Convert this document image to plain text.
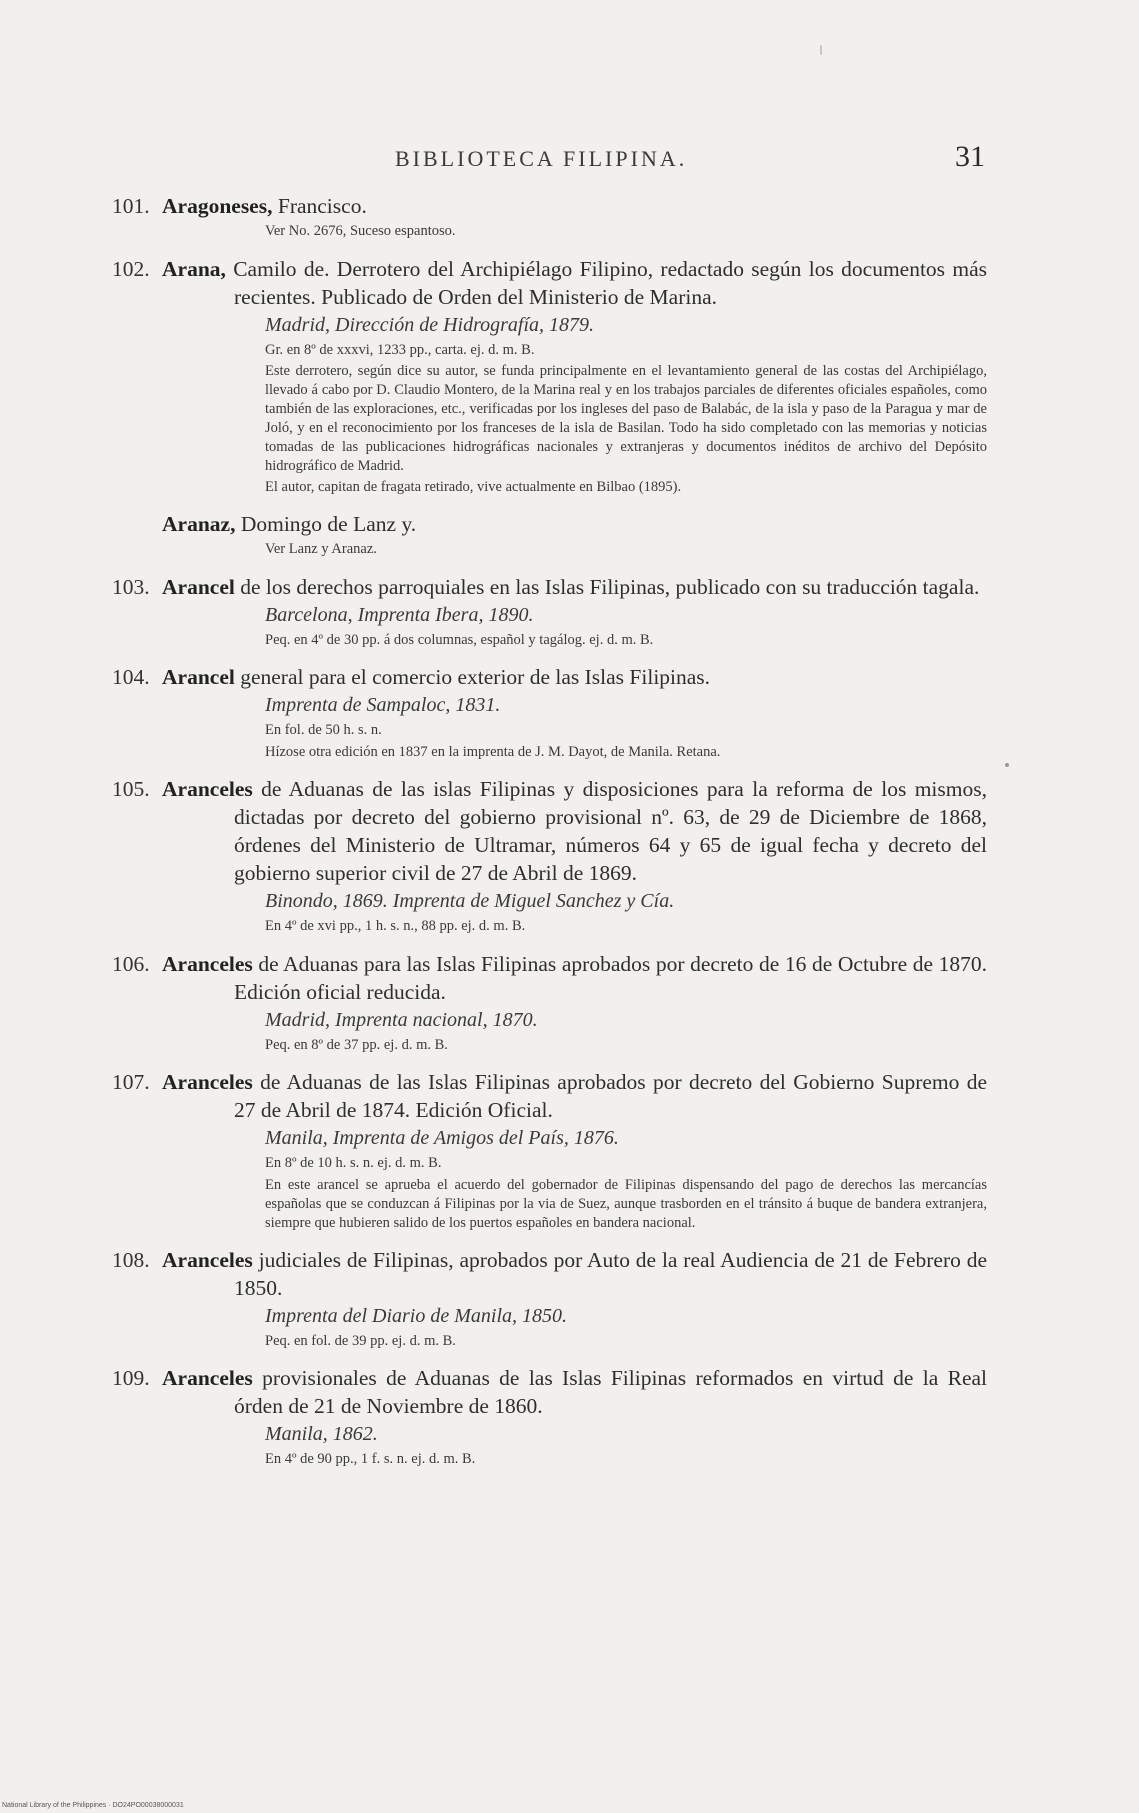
BIBLIOTECA FILIPINA.	31
101. Aragoneses, Francisco.
Ver No. 2676, Suceso espantoso.
102. Arana, Camilo de. Derrotero del Archipiélago Filipino, redactado según los documentos más recientes. Publicado de Orden del Ministerio de Marina.
Madrid, Dirección de Hidrografía, 1879.
Gr. en 8º de xxxvi, 1233 pp., carta. ej. d. m. B.
Este derrotero, según dice su autor, se funda principalmente en el levantamiento general de las costas del Archipiélago, llevado á cabo por D. Claudio Montero, de la Marina real y en los trabajos parciales de diferentes oficiales españoles, como también de las exploraciones, etc., verificadas por los ingleses del paso de Balabác, de la isla y paso de la Paragua y mar de Joló, y en el reconocimiento por los franceses de la isla de Basilan. Todo ha sido completado con las memorias y noticias tomadas de las publicaciones hidrográficas nacionales y extranjeras y documentos inéditos de archivo del Depósito hidrográfico de Madrid.
El autor, capitan de fragata retirado, vive actualmente en Bilbao (1895).
Aranaz, Domingo de Lanz y.
Ver Lanz y Aranaz.
103. Arancel de los derechos parroquiales en las Islas Filipinas, publicado con su traducción tagala.
Barcelona, Imprenta Ibera, 1890.
Peq. en 4º de 30 pp. á dos columnas, español y tagálog. ej. d. m. B.
104. Arancel general para el comercio exterior de las Islas Filipinas.
Imprenta de Sampaloc, 1831.
En fol. de 50 h. s. n.
Hízose otra edición en 1837 en la imprenta de J. M. Dayot, de Manila. Retana.
105. Aranceles de Aduanas de las islas Filipinas y disposiciones para la reforma de los mismos, dictadas por decreto del gobierno provisional nº. 63, de 29 de Diciembre de 1868, órdenes del Ministerio de Ultramar, números 64 y 65 de igual fecha y decreto del gobierno superior civil de 27 de Abril de 1869.
Binondo, 1869. Imprenta de Miguel Sanchez y Cía.
En 4º de xvi pp., 1 h. s. n., 88 pp. ej. d. m. B.
106. Aranceles de Aduanas para las Islas Filipinas aprobados por decreto de 16 de Octubre de 1870. Edición oficial reducida.
Madrid, Imprenta nacional, 1870.
Peq. en 8º de 37 pp. ej. d. m. B.
107. Aranceles de Aduanas de las Islas Filipinas aprobados por decreto del Gobierno Supremo de 27 de Abril de 1874. Edición Oficial.
Manila, Imprenta de Amigos del País, 1876.
En 8º de 10 h. s. n. ej. d. m. B.
En este arancel se aprueba el acuerdo del gobernador de Filipinas dispensando del pago de derechos las mercancías españolas que se conduzcan á Filipinas por la via de Suez, aunque trasborden en el tránsito á buque de bandera extranjera, siempre que hubieren salido de los puertos españoles en bandera nacional.
108. Aranceles judiciales de Filipinas, aprobados por Auto de la real Audiencia de 21 de Febrero de 1850.
Imprenta del Diario de Manila, 1850.
Peq. en fol. de 39 pp. ej. d. m. B.
109. Aranceles provisionales de Aduanas de las Islas Filipinas reformados en virtud de la Real órden de 21 de Noviembre de 1860.
Manila, 1862.
En 4º de 90 pp., 1 f. s. n. ej. d. m. B.
National Library of the Philippines · DO24PO00038000031
